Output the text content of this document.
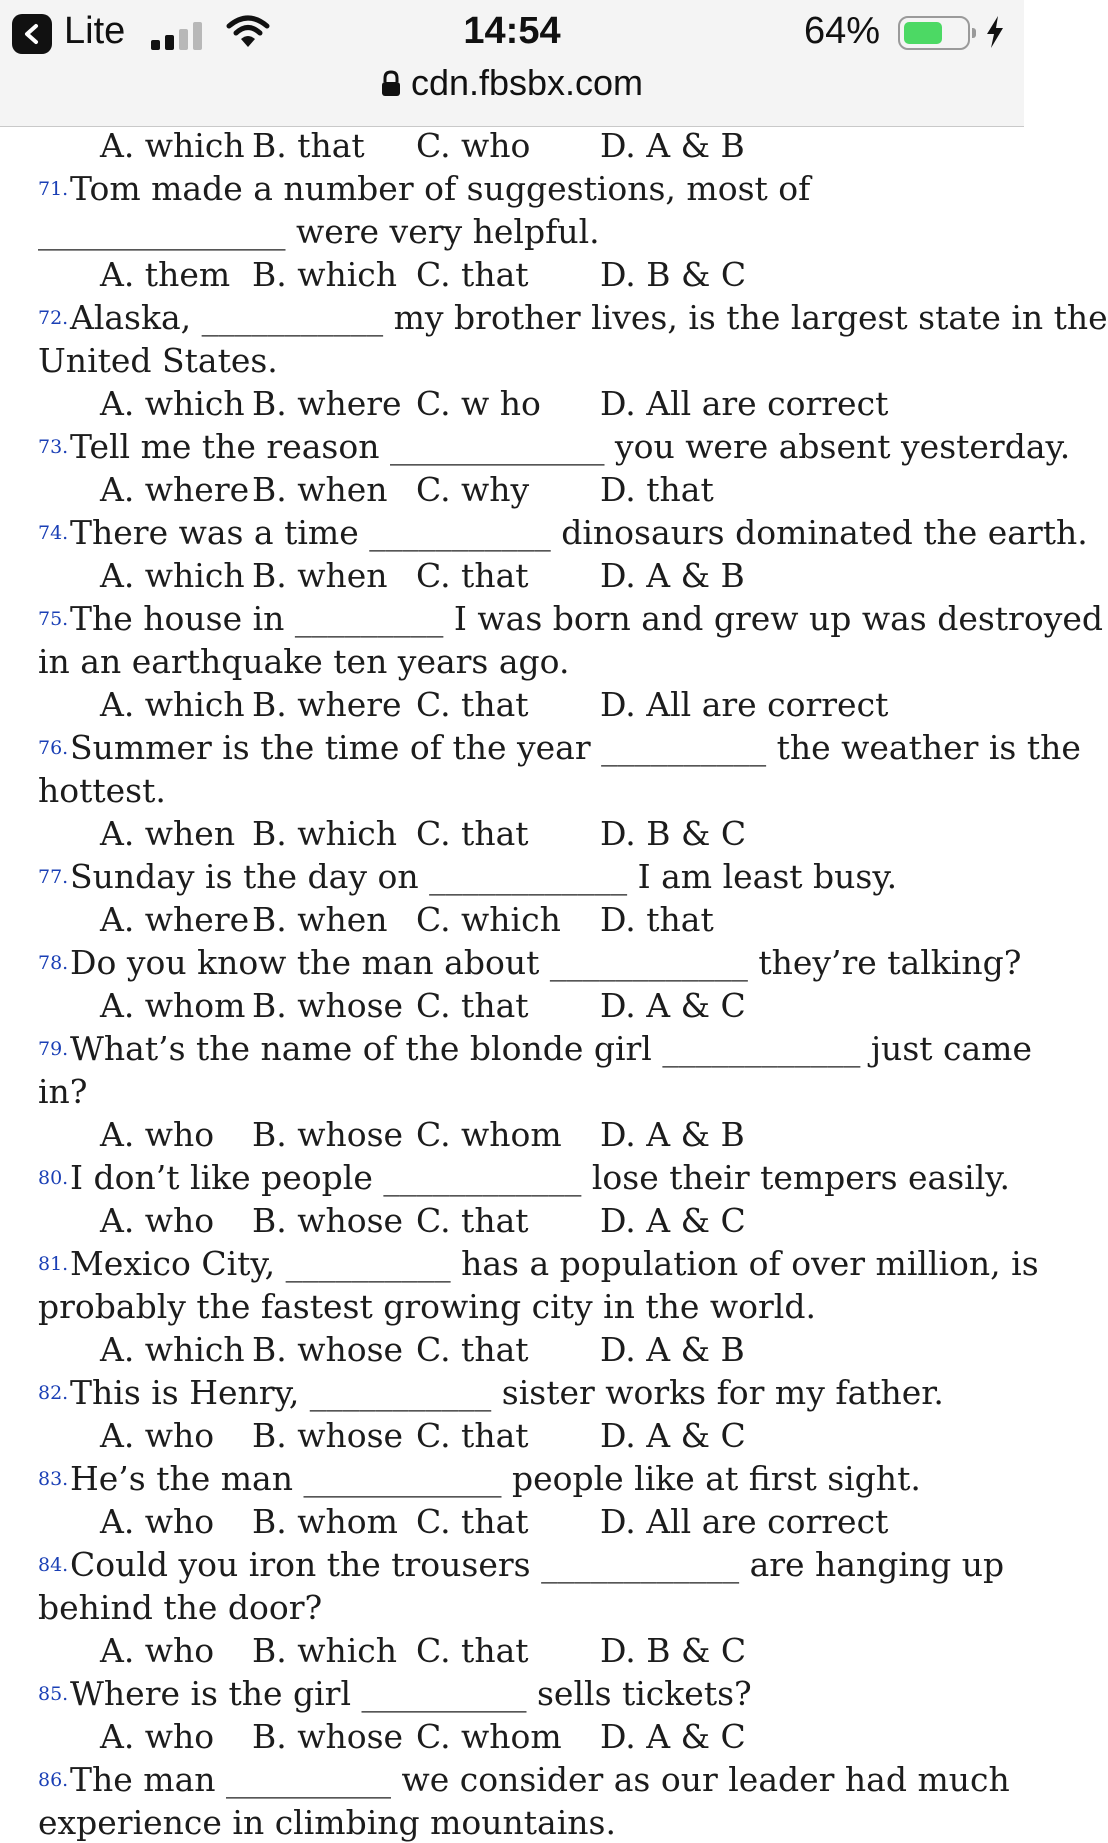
Lite	14:54	64%
cdn.fbsbx.com
A. which B. that C. who D. A & B
71. Tom made a number of suggestions, most of
_______________ were very helpful.
A. them B. which C. that D. B & C
72. Alaska, ___________ my brother lives, is the largest state in the
United States.
A. which B. where C. w ho D. All are correct
73. Tell me the reason _____________ you were absent yesterday.
A. where B. when C. why D. that
74. There was a time ___________ dinosaurs dominated the earth.
A. which B. when C. that D. A & B
75. The house in _________ I was born and grew up was destroyed
in an earthquake ten years ago.
A. which B. where C. that D. All are correct
76. Summer is the time of the year __________ the weather is the
hottest.
A. when B. which C. that D. B & C
77. Sunday is the day on ____________ I am least busy.
A. where B. when C. which D. that
78. Do you know the man about ____________ they’re talking?
A. whom B. whose C. that D. A & C
79. What’s the name of the blonde girl ____________ just came
in?
A. who B. whose C. whom D. A & B
80. I don’t like people ____________ lose their tempers easily.
A. who B. whose C. that D. A & C
81. Mexico City, __________ has a population of over million, is
probably the fastest growing city in the world.
A. which B. whose C. that D. A & B
82. This is Henry, ___________ sister works for my father.
A. who B. whose C. that D. A & C
83. He’s the man ____________ people like at first sight.
A. who B. whom C. that D. All are correct
84. Could you iron the trousers ____________ are hanging up
behind the door?
A. who B. which C. that D. B & C
85. Where is the girl __________ sells tickets?
A. who B. whose C. whom D. A & C
86. The man __________ we consider as our leader had much
experience in climbing mountains.
